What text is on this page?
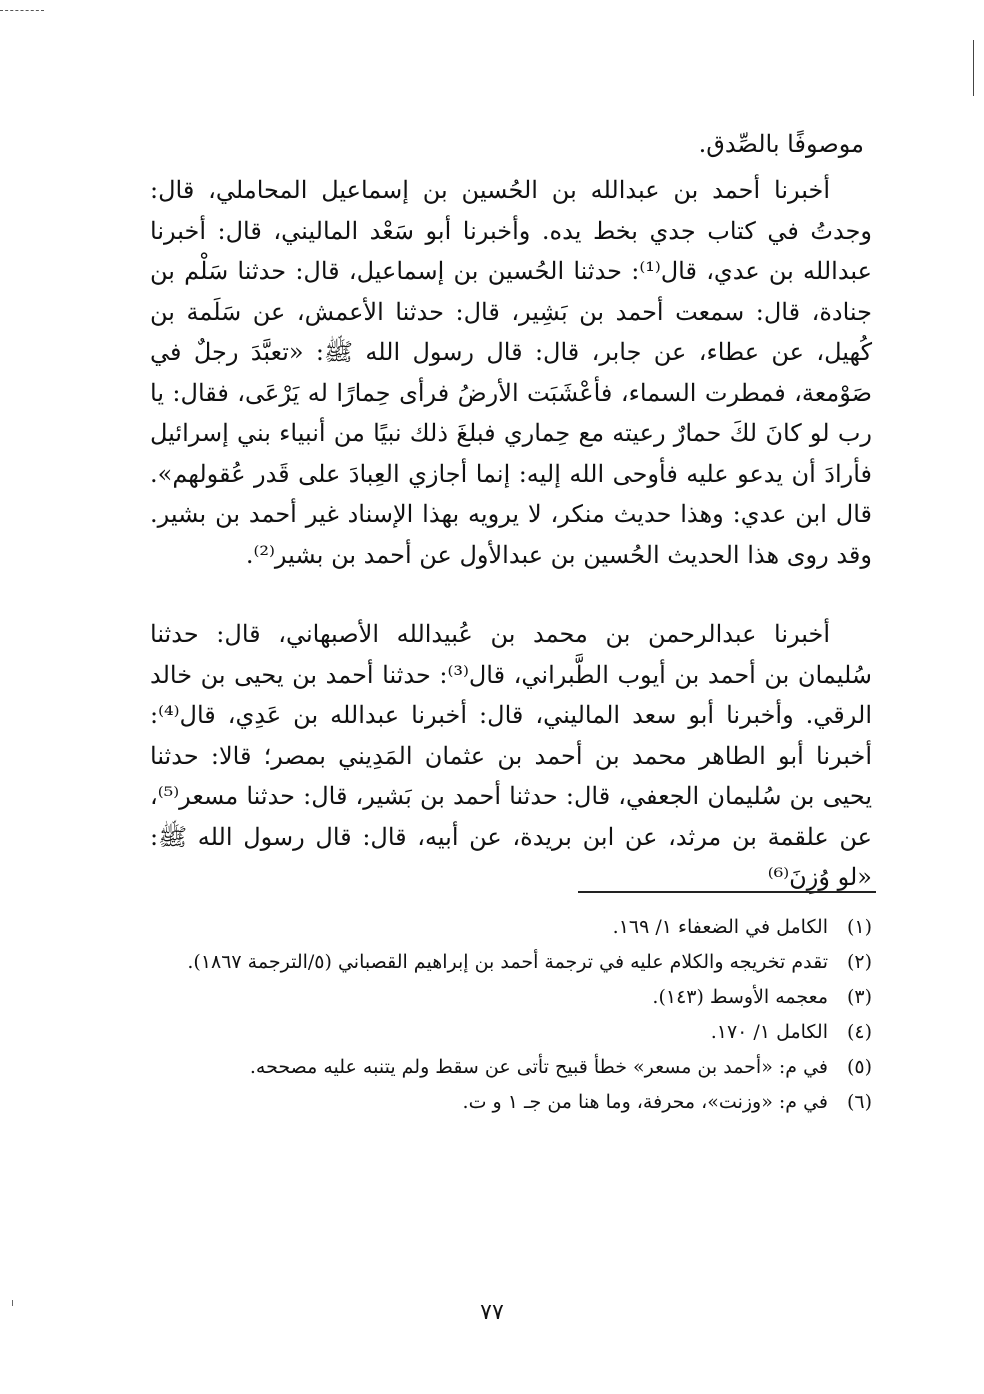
موصوفًا بالصِّدق.

أخبرنا أحمد بن عبدالله بن الحُسين بن إسماعيل المحاملي، قال: وجدتُ في كتاب جدي بخط يده. وأخبرنا أبو سَعْد الماليني، قال: أخبرنا عبدالله بن عدي، قال⁽¹⁾: حدثنا الحُسين بن إسماعيل، قال: حدثنا سَلْم بن جنادة، قال: سمعت أحمد بن بَشِير، قال: حدثنا الأعمش، عن سَلَمة بن كُهيل، عن عطاء، عن جابر، قال: قال رسول الله ﷺ: «تعبَّدَ رجلٌ في صَوْمعة، فمطرت السماء، فأعْشَبَت الأرضُ فرأى حِمارًا له يَرْعَى، فقال: يا رب لو كانَ لكَ حمارٌ رعيته مع حِماري فبلغَ ذلك نبيًا من أنبياء بني إسرائيل فأرادَ أن يدعو عليه فأوحى الله إليه: إنما أجازي العِبادَ على قَدر عُقولهم». قال ابن عدي: وهذا حديث منكر، لا يرويه بهذا الإسناد غير أحمد بن بشير. وقد روى هذا الحديث الحُسين بن عبدالأول عن أحمد بن بشير⁽²⁾.

أخبرنا عبدالرحمن بن محمد بن عُبيدالله الأصبهاني، قال: حدثنا سُليمان بن أحمد بن أيوب الطَّبراني، قال⁽³⁾: حدثنا أحمد بن يحيى بن خالد الرقي. وأخبرنا أبو سعد الماليني، قال: أخبرنا عبدالله بن عَدِي، قال⁽⁴⁾: أخبرنا أبو الطاهر محمد بن أحمد بن عثمان المَدِيني بمصر؛ قالا: حدثنا يحيى بن سُليمان الجعفي، قال: حدثنا أحمد بن بَشير، قال: حدثنا مسعر⁽⁵⁾، عن علقمة بن مرثد، عن ابن بريدة، عن أبيه، قال: قال رسول الله ﷺ: «لو وُزِنَ⁽⁶⁾

(١)
الكامل في الضعفاء ١/ ١٦٩.
(٢)
تقدم تخريجه والكلام عليه في ترجمة أحمد بن إبراهيم القصباني (٥/الترجمة ١٨٦٧).
(٣)
معجمه الأوسط (١٤٣).
(٤)
الكامل ١/ ١٧٠.
(٥)
في م: «أحمد بن مسعر» خطأ قبيح تأتى عن سقط ولم يتنبه عليه مصححه.
(٦)
في م: «وزنت»، محرفة، وما هنا من جـ ١ و ت.
٧٧
